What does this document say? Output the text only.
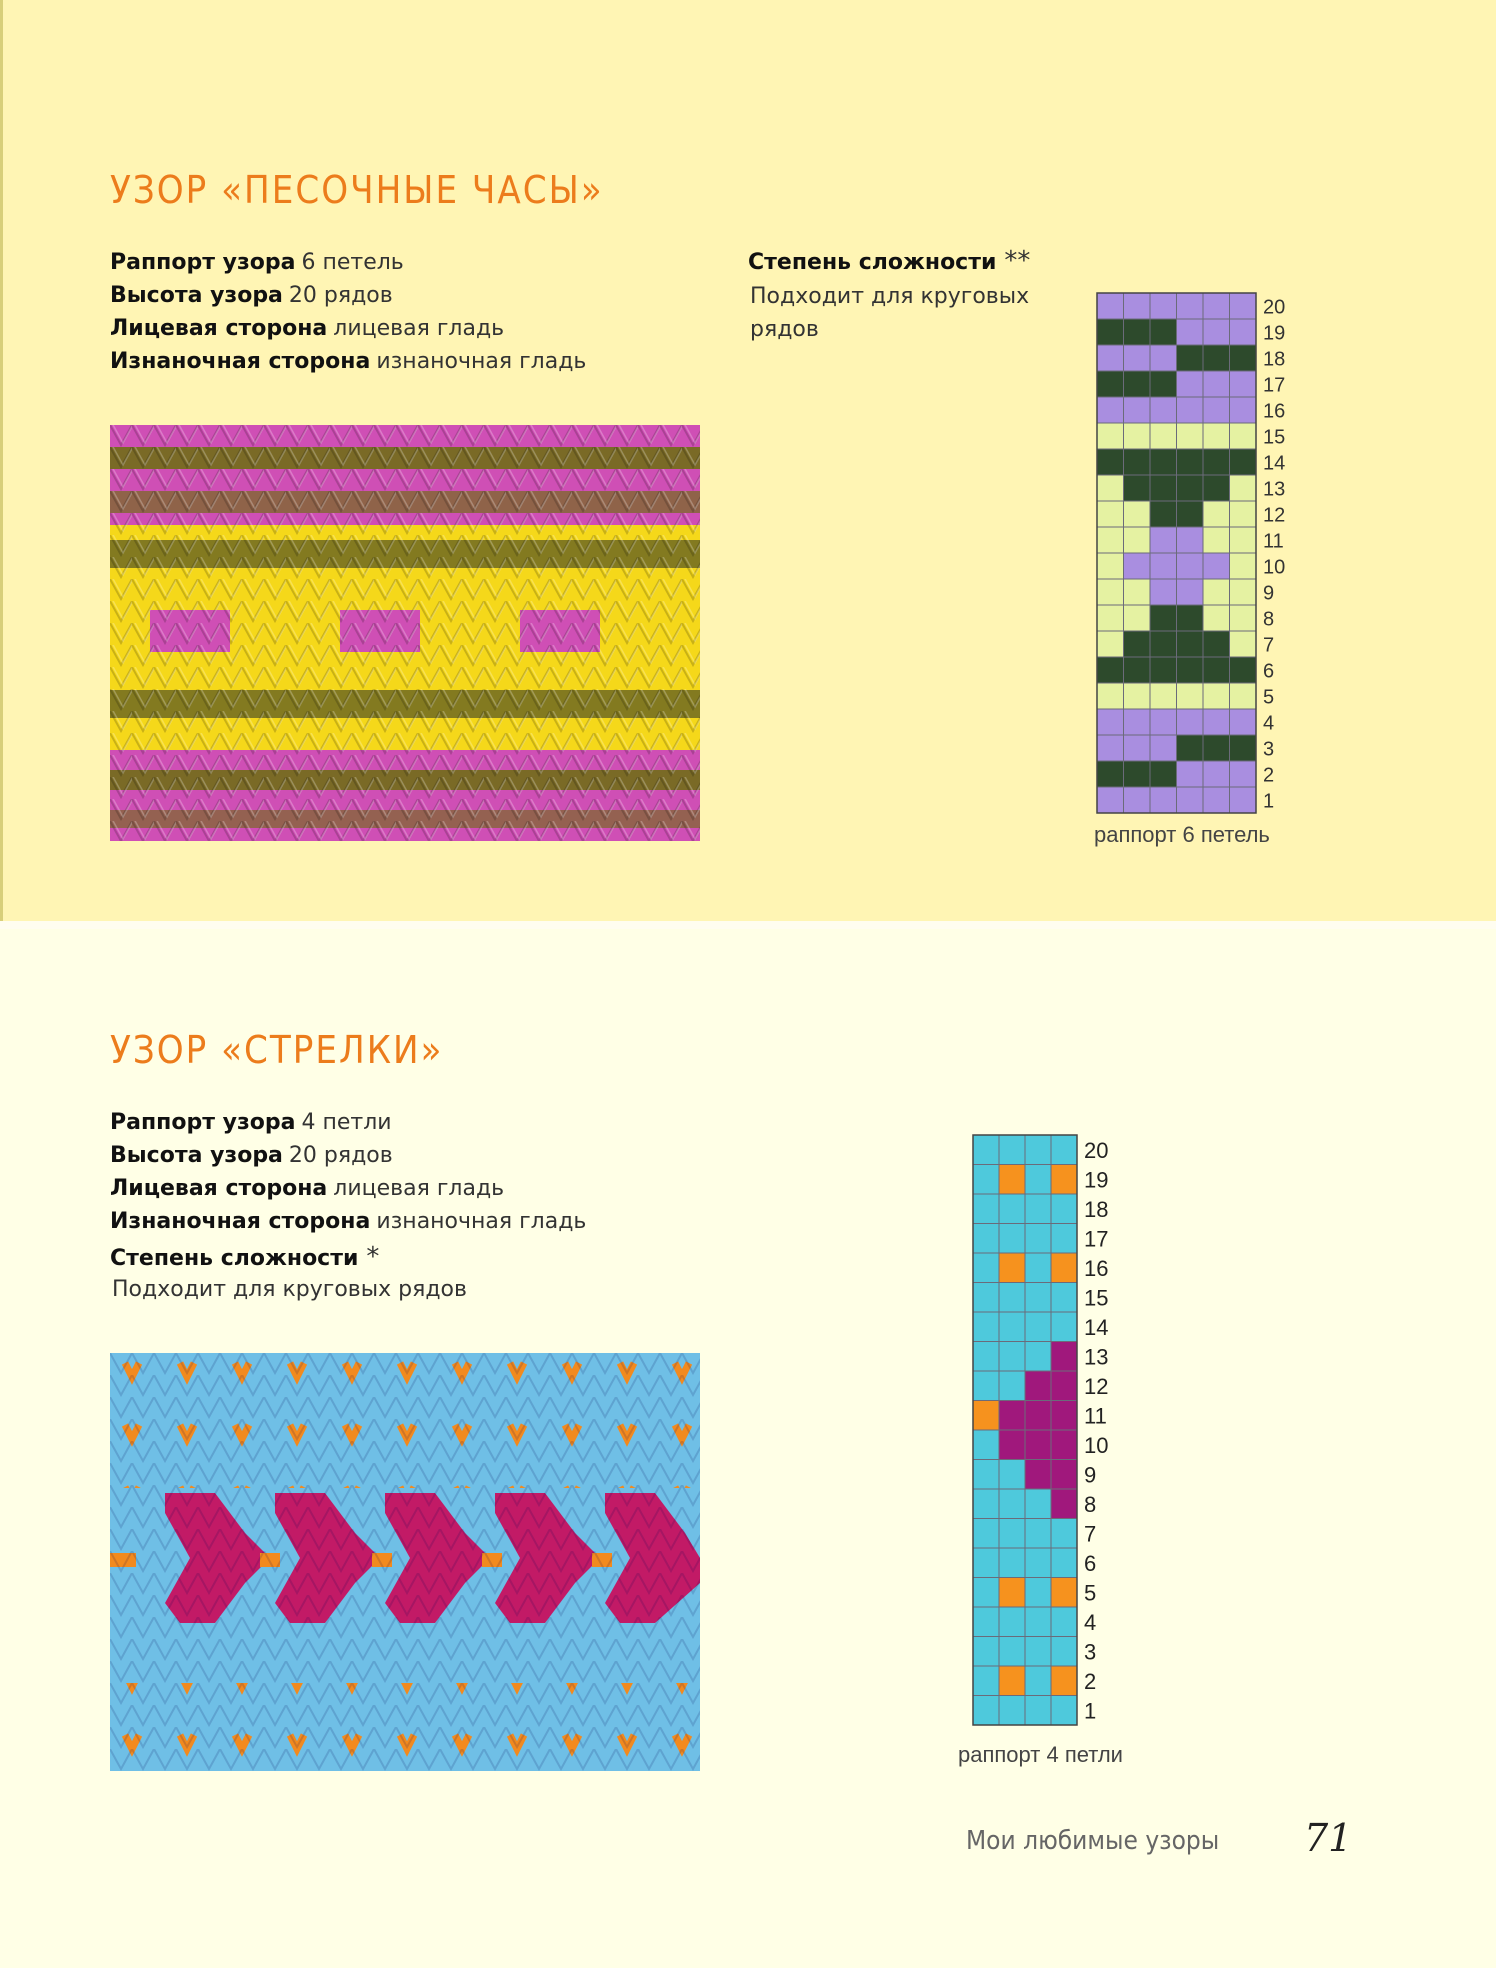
УЗОР «ПЕСОЧНЫЕ ЧАСЫ»
Раппорт узора 6 петель
Высота узора 20 рядов
Лицевая сторона лицевая гладь
Изнаночная сторона изнаночная гладь
Степень сложности **
Подходит для круговых рядов
20
19
18
17
16
15
14
13
12
11
10
9
8
7
6
5
4
3
2
1
раппорт 6 петель
УЗОР «СТРЕЛКИ»
Раппорт узора 4 петли
Высота узора 20 рядов
Лицевая сторона лицевая гладь
Изнаночная сторона изнаночная гладь
Степень сложности *
Подходит для круговых рядов
20
19
18
17
16
15
14
13
12
11
10
9
8
7
6
5
4
3
2
1
раппорт 4 петли
Мои любимые узоры 71
